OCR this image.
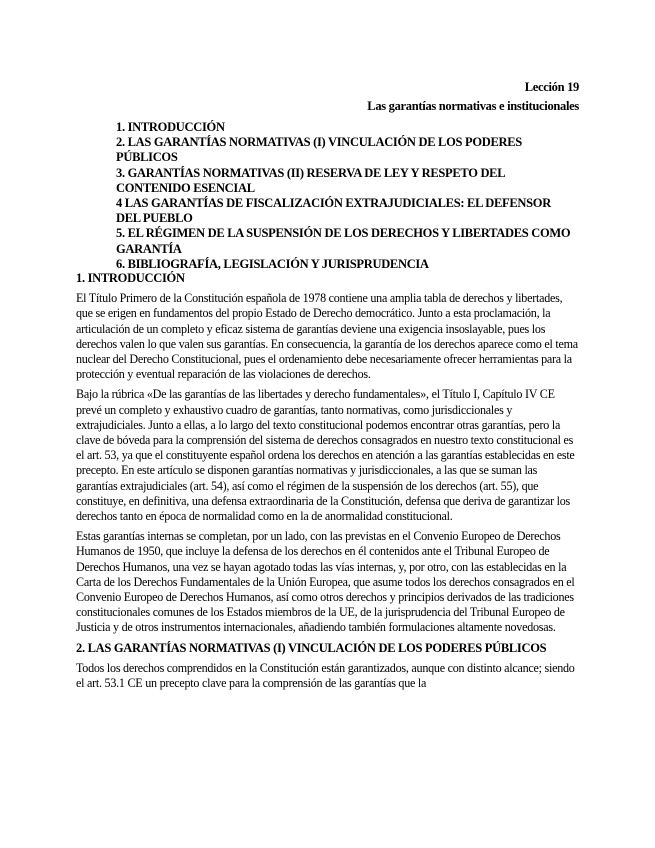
Lección 19
Las garantías normativas e institucionales
1. INTRODUCCIÓN
2. LAS GARANTÍAS NORMATIVAS (I) VINCULACIÓN DE LOS PODERES PÚBLICOS
3. GARANTÍAS NORMATIVAS (II) RESERVA DE LEY Y RESPETO DEL CONTENIDO ESENCIAL
4 LAS GARANTÍAS DE FISCALIZACIÓN EXTRAJUDICIALES: EL DEFENSOR DEL PUEBLO
5. EL RÉGIMEN DE LA SUSPENSIÓN DE LOS DERECHOS Y LIBERTADES COMO GARANTÍA
6. BIBLIOGRAFÍA, LEGISLACIÓN Y JURISPRUDENCIA
1. INTRODUCCIÓN

El Título Primero de la Constitución española de 1978 contiene una amplia tabla de derechos y libertades, que se erigen en fundamentos del propio Estado de Derecho democrático. Junto a esta proclamación, la articulación de un completo y eficaz sistema de garantías deviene una exigencia insoslayable, pues los derechos valen lo que valen sus garantías. En consecuencia, la garantía de los derechos aparece como el tema nuclear del Derecho Constitucional, pues el ordenamiento debe necesariamente ofrecer herramientas para la protección y eventual reparación de las violaciones de derechos.

Bajo la rúbrica «De las garantías de las libertades y derecho fundamentales», el Título I, Capítulo IV CE prevé un completo y exhaustivo cuadro de garantías, tanto normativas, como jurisdiccionales y extrajudiciales. Junto a ellas, a lo largo del texto constitucional podemos encontrar otras garantías, pero la clave de bóveda para la comprensión del sistema de derechos consagrados en nuestro texto constitucional es el art. 53, ya que el constituyente español ordena los derechos en atención a las garantías establecidas en este precepto. En este artículo se disponen garantías normativas y jurisdiccionales, a las que se suman las garantías extrajudiciales (art. 54), así como el régimen de la suspensión de los derechos (art. 55), que constituye, en definitiva, una defensa extraordinaria de la Constitución, defensa que deriva de garantizar los derechos tanto en época de normalidad como en la de anormalidad constitucional.

Estas garantías internas se completan, por un lado, con las previstas en el Convenio Europeo de Derechos Humanos de 1950, que incluye la defensa de los derechos en él contenidos ante el Tribunal Europeo de Derechos Humanos, una vez se hayan agotado todas las vías internas, y, por otro, con las establecidas en la Carta de los Derechos Fundamentales de la Unión Europea, que asume todos los derechos consagrados en el Convenio Europeo de Derechos Humanos, así como otros derechos y principios derivados de las tradiciones constitucionales comunes de los Estados miembros de la UE, de la jurisprudencia del Tribunal Europeo de Justicia y de otros instrumentos internacionales, añadiendo también formulaciones altamente novedosas.

2. LAS GARANTÍAS NORMATIVAS (I) VINCULACIÓN DE LOS PODERES PÚBLICOS

Todos los derechos comprendidos en la Constitución están garantizados, aunque con distinto alcance; siendo el art. 53.1 CE un precepto clave para la comprensión de las garantías que la
